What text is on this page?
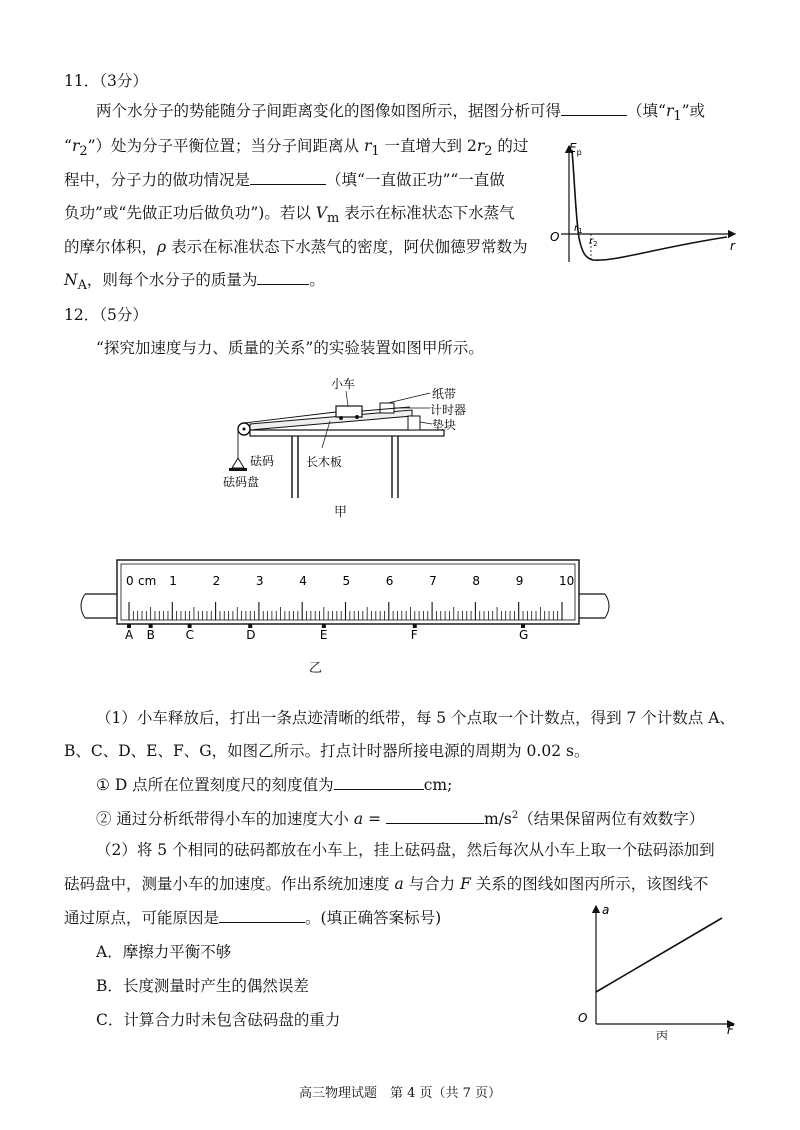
11．（3分）
两个水分子的势能随分子间距离变化的图像如图所示，据图分析可得	（填“$r_1$”或
“$r_2$”）处为分子平衡位置；当分子间距离从 $r_1$ 一直增大到 $2r_2$ 的过
程中，分子力的做功情况是	（填“一直做正功”“一直做
负功”或“先做正功后做负功”)。若以 $V_m$ 表示在标准状态下水蒸气
的摩尔体积，ρ 表示在标准状态下水蒸气的密度，阿伏伽德罗常数为
$N_A$，则每个水分子的质量为	。
$E_p$
O
r
$r_1$
$r_2$
12．（5分）
“探究加速度与力、质量的关系”的实验装置如图甲所示。
小车
纸带
计时器
垫块
长木板
砝码
砝码盘
甲
0 cm 1	2	3	4	5	6	7	8	9	10
A B	C	D	E	F	G
乙
（1）小车释放后，打出一条点迹清晰的纸带，每 5 个点取一个计数点，得到 7 个计数点 A、
B、C、D、E、F、G，如图乙所示。打点计时器所接电源的周期为 0.02 s。
① D 点所在位置刻度尺的刻度值为	cm;
② 通过分析纸带得小车的加速度大小 a =	$m/s^2$（结果保留两位有效数字）
（2）将 5 个相同的砝码都放在小车上，挂上砝码盘，然后每次从小车上取一个砝码添加到
砝码盘中，测量小车的加速度。作出系统加速度 a 与合力 F 关系的图线如图丙所示，该图线不
通过原点，可能原因是	。(填正确答案标号)
A．摩擦力平衡不够
B．长度测量时产生的偶然误差
C．计算合力时未包含砝码盘的重力
a
F
O
丙
高三物理试题　第 4 页（共 7 页）
